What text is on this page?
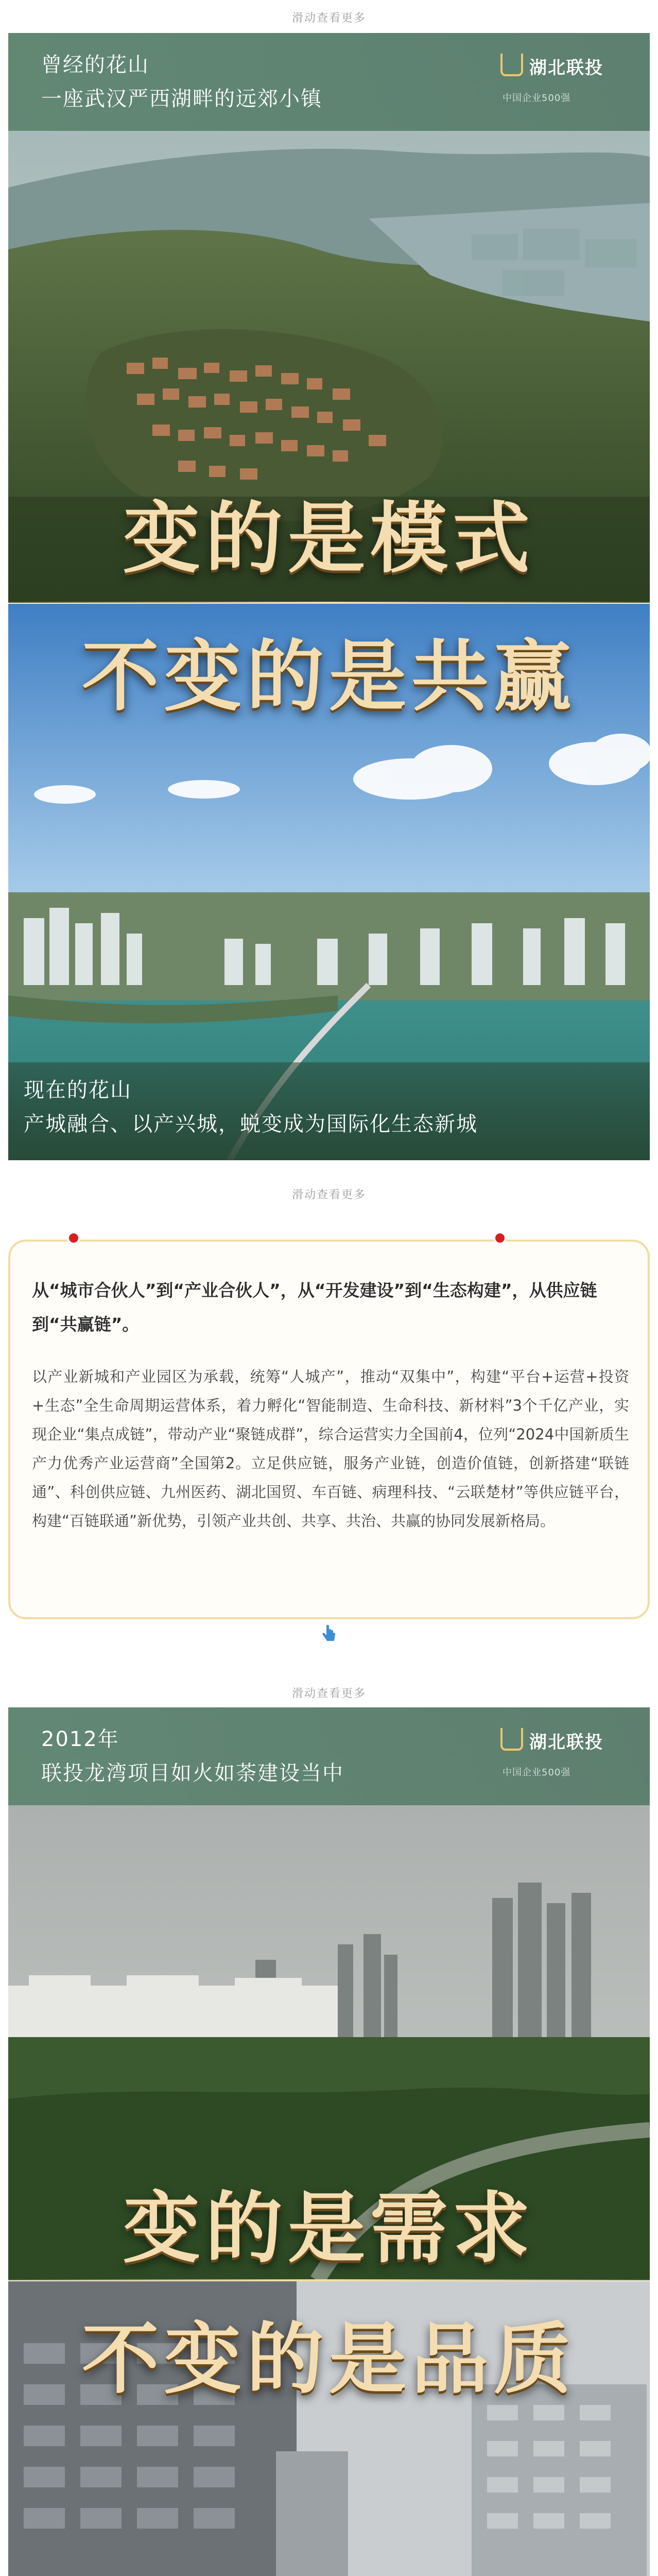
滑动查看更多
曾经的花山
一座武汉严西湖畔的远郊小镇
湖北联投
中国企业500强
变的是模式
不变的是共赢
现在的花山
产城融合、以产兴城，蜕变成为国际化生态新城
滑动查看更多
从“城市合伙人”到“产业合伙人”，从“开发建设”到“生态构建”，从供应链到“共赢链”。
以产业新城和产业园区为承载，统筹“人城产”，推动“双集中”，构建“平台+运营+投资+生态”全生命周期运营体系，着力孵化“智能制造、生命科技、新材料”3个千亿产业，实现企业“集点成链”，带动产业“聚链成群”，综合运营实力全国前4，位列“2024中国新质生产力优秀产业运营商”全国第2。立足供应链，服务产业链，创造价值链，创新搭建“联链通”、科创供应链、九州医药、湖北国贸、车百链、病理科技、“云联楚材”等供应链平台，构建“百链联通”新优势，引领产业共创、共享、共治、共赢的协同发展新格局。
滑动查看更多
2012年
联投龙湾项目如火如荼建设当中
湖北联投
中国企业500强
变的是需求
不变的是品质
